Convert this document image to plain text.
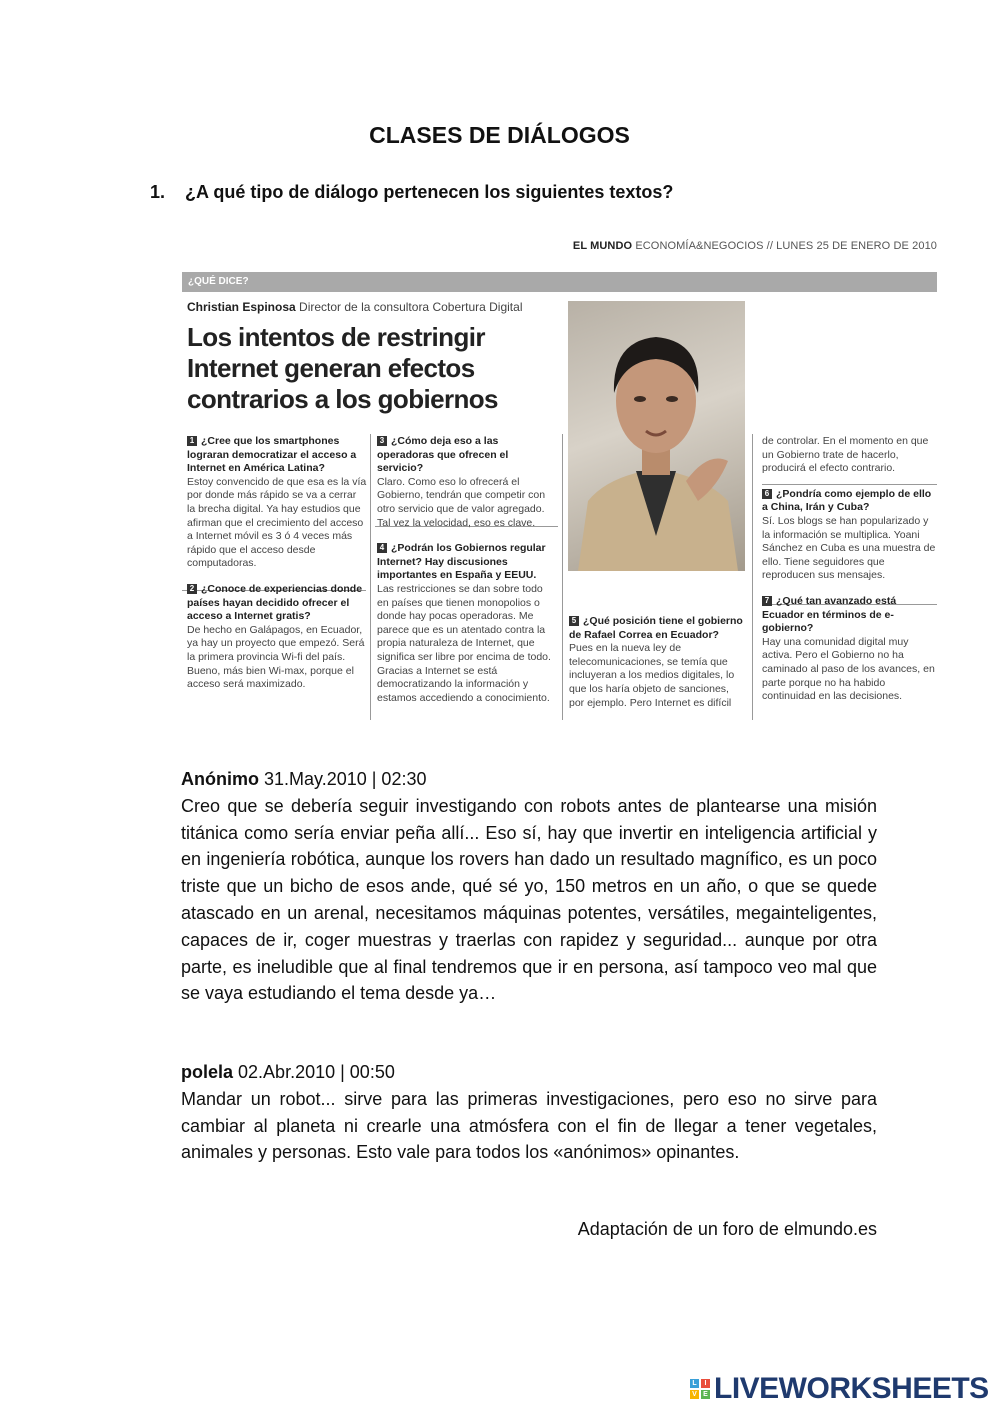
CLASES DE DIÁLOGOS

1. ¿A qué tipo de diálogo pertenecen los siguientes textos?

EL MUNDO ECONOMÍA&NEGOCIOS // LUNES 25 DE ENERO DE 2010
¿QUÉ DICE?
Christian Espinosa Director de la consultora Cobertura Digital
Los intentos de restringir Internet generan efectos contrarios a los gobiernos

1 ¿Cree que los smartphones lograran democratizar el acceso a Internet en América Latina?
Estoy convencido de que esa es la vía por donde más rápido se va a cerrar la brecha digital. Ya hay estudios que afirman que el crecimiento del acceso a Internet móvil es 3 ó 4 veces más rápido que el acceso desde computadoras.

2 ¿Conoce de experiencias donde países hayan decidido ofrecer el acceso a Internet gratis?
De hecho en Galápagos, en Ecuador, ya hay un proyecto que empezó. Será la primera provincia Wi-fi del país. Bueno, más bien Wi-max, porque el acceso será maximizado.

3 ¿Cómo deja eso a las operadoras que ofrecen el servicio?
Claro. Como eso lo ofrecerá el Gobierno, tendrán que competir con otro servicio que de valor agregado. Tal vez la velocidad, eso es clave.

4 ¿Podrán los Gobiernos regular Internet? Hay discusiones importantes en España y EEUU.
Las restricciones se dan sobre todo en países que tienen monopolios o donde hay pocas operadoras. Me parece que es un atentado contra la propia naturaleza de Internet, que significa ser libre por encima de todo. Gracias a Internet se está democratizando la información y estamos accediendo a conocimiento.

5 ¿Qué posición tiene el gobierno de Rafael Correa en Ecuador?
Pues en la nueva ley de telecomunicaciones, se temía que incluyeran a los medios digitales, lo que los haría objeto de sanciones, por ejemplo. Pero Internet es difícil

de controlar. En el momento en que un Gobierno trate de hacerlo, producirá el efecto contrario.

6 ¿Pondría como ejemplo de ello a China, Irán y Cuba?
Sí. Los blogs se han popularizado y la información se multiplica. Yoani Sánchez en Cuba es una muestra de ello. Tiene seguidores que reproducen sus mensajes.

7 ¿Qué tan avanzado está Ecuador en términos de e-gobierno?
Hay una comunidad digital muy activa. Pero el Gobierno no ha caminado al paso de los avances, en parte porque no ha habido continuidad en las decisiones.

Anónimo 31.May.2010 | 02:30

Creo que se debería seguir investigando con robots antes de plantearse una misión titánica como sería enviar peña allí... Eso sí, hay que invertir en inteligencia artificial y en ingeniería robótica, aunque los rovers han dado un resultado magnífico, es un poco triste que un bicho de esos ande, qué sé yo, 150 metros en un año, o que se quede atascado en un arenal, necesitamos máquinas potentes, versátiles, megainteligentes, capaces de ir, coger muestras y traerlas con rapidez y seguridad... aunque por otra parte, es ineludible que al final tendremos que ir en persona, así tampoco veo mal que se vaya estudiando el tema desde ya…

polela 02.Abr.2010 | 00:50

Mandar un robot... sirve para las primeras investigaciones, pero eso no sirve para cambiar al planeta ni crearle una atmósfera con el fin de llegar a tener vegetales, animales y personas. Esto vale para todos los «anónimos» opinantes.

Adaptación de un foro de elmundo.es

L	I
V E LIVEWORKSHEETS
